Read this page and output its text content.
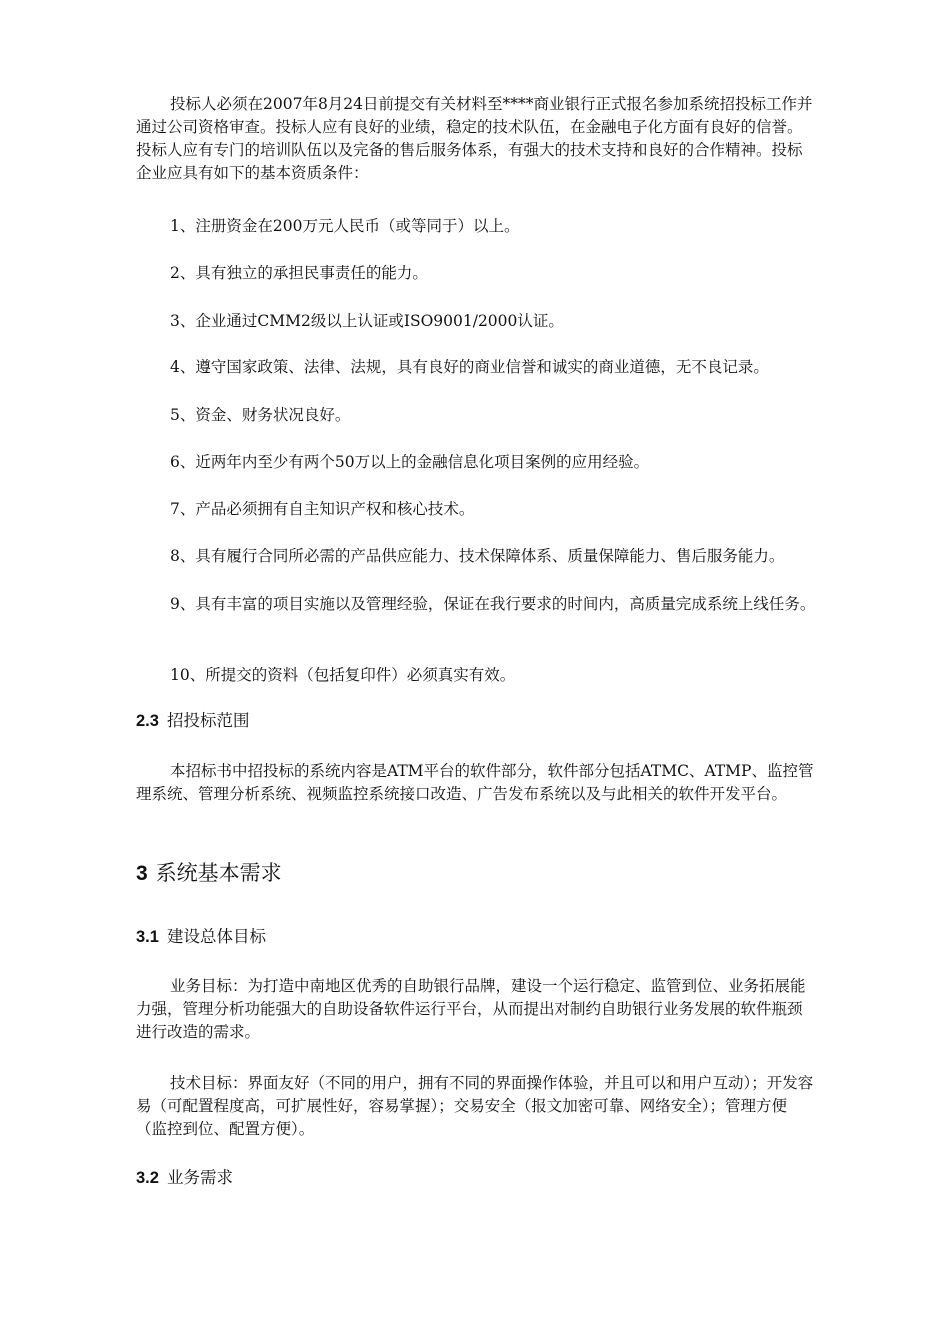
投标人必须在2007年8月24日前提交有关材料至****商业银行正式报名参加系统招投标工作并通过公司资格审查。投标人应有良好的业绩，稳定的技术队伍，在金融电子化方面有良好的信誉。投标人应有专门的培训队伍以及完备的售后服务体系，有强大的技术支持和良好的合作精神。投标企业应具有如下的基本资质条件：

1、注册资金在200万元人民币（或等同于）以上。

2、具有独立的承担民事责任的能力。

3、企业通过CMM2级以上认证或ISO9001/2000认证。

4、遵守国家政策、法律、法规，具有良好的商业信誉和诚实的商业道德，无不良记录。

5、资金、财务状况良好。

6、近两年内至少有两个50万以上的金融信息化项目案例的应用经验。

7、产品必须拥有自主知识产权和核心技术。

8、具有履行合同所必需的产品供应能力、技术保障体系、质量保障能力、售后服务能力。

9、具有丰富的项目实施以及管理经验，保证在我行要求的时间内，高质量完成系统上线任务。

10、所提交的资料（包括复印件）必须真实有效。

2.3 招投标范围

本招标书中招投标的系统内容是ATM平台的软件部分，软件部分包括ATMC、ATMP、监控管理系统、管理分析系统、视频监控系统接口改造、广告发布系统以及与此相关的软件开发平台。

3 系统基本需求
3.1 建设总体目标

业务目标：为打造中南地区优秀的自助银行品牌，建设一个运行稳定、监管到位、业务拓展能力强，管理分析功能强大的自助设备软件运行平台，从而提出对制约自助银行业务发展的软件瓶颈进行改造的需求。

技术目标：界面友好（不同的用户，拥有不同的界面操作体验，并且可以和用户互动）；开发容易（可配置程度高，可扩展性好，容易掌握）；交易安全（报文加密可靠、网络安全）；管理方便（监控到位、配置方便）。

3.2 业务需求
